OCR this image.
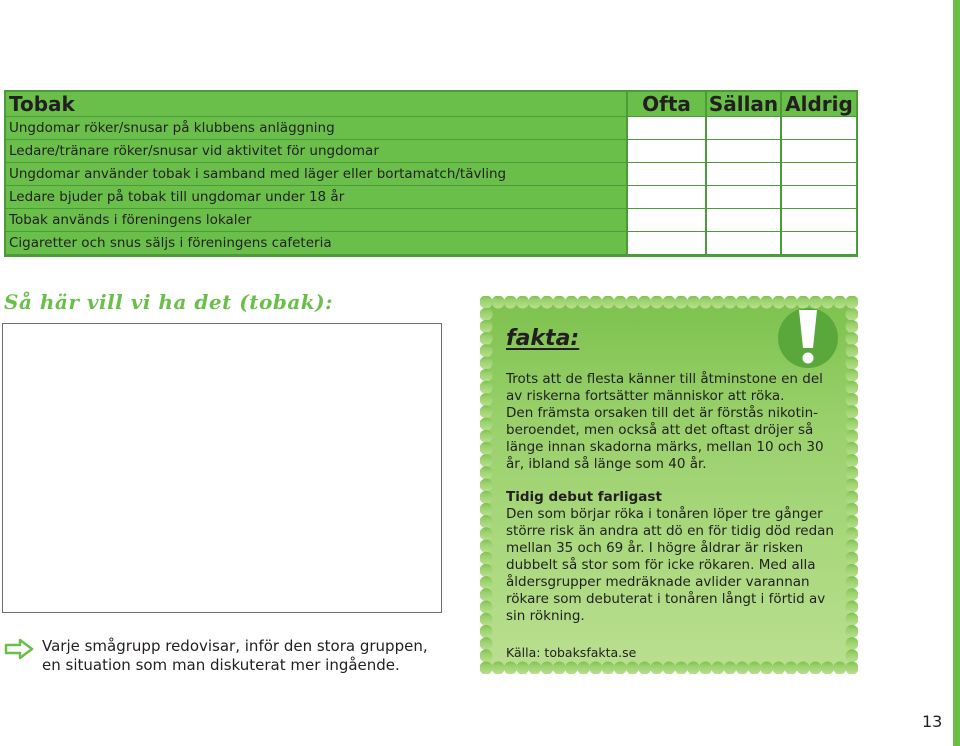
Tobak	Ofta Sällan Aldrig
Ungdomar röker/snusar på klubbens anläggning
Ledare/tränare röker/snusar vid aktivitet för ungdomar
Ungdomar använder tobak i samband med läger eller bortamatch/tävling
Ledare bjuder på tobak till ungdomar under 18 år
Tobak används i föreningens lokaler
Cigaretter och snus säljs i föreningens cafeteria
Så här vill vi ha det (tobak):
Varje smågrupp redovisar, inför den stora gruppen, en situation som man diskuterat mer ingående.
fakta:
Trots att de flesta känner till åtminstone en del av riskerna fortsätter människor att röka.
Den främsta orsaken till det är förstås nikotin-beroendet, men också att det oftast dröjer så länge innan skadorna märks, mellan 10 och 30 år, ibland så länge som 40 år.
Tidig debut farligast
Den som börjar röka i tonåren löper tre gånger större risk än andra att dö en för tidig död redan mellan 35 och 69 år. I högre åldrar är risken dubbelt så stor som för icke rökaren. Med alla åldersgrupper medräknade avlider varannan rökare som debuterat i tonåren långt i förtid av sin rökning.
Källa: tobaksfakta.se
13
